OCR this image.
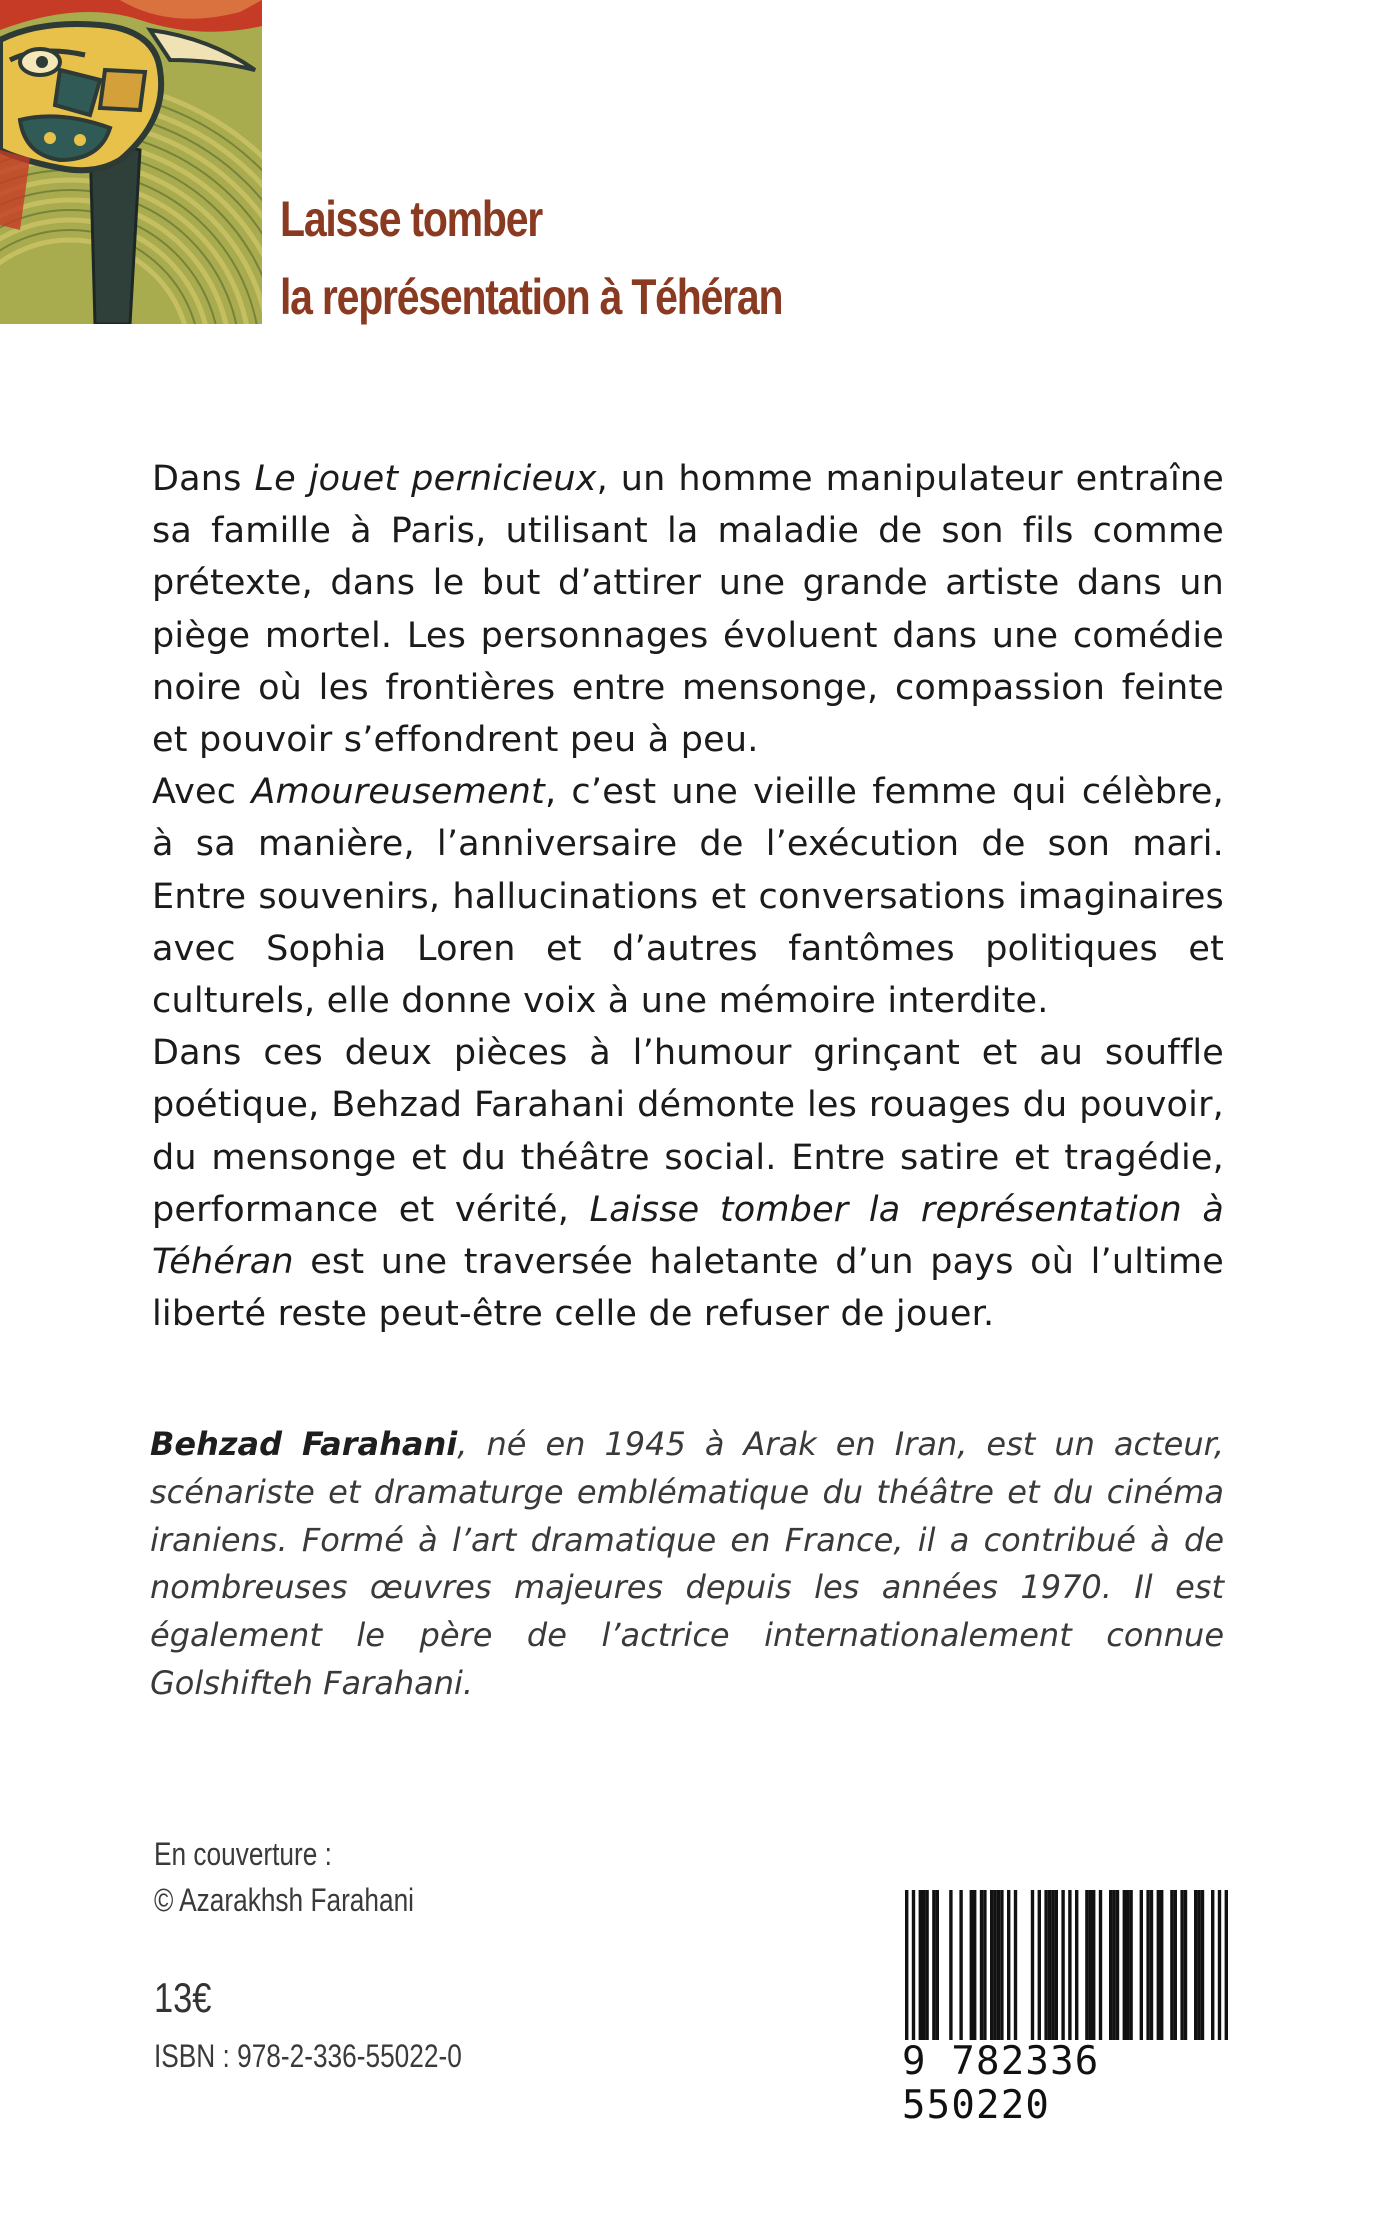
Laisse tomber
la représentation à Téhéran

Dans Le jouet pernicieux, un homme manipulateur entraîne sa famille à Paris, utilisant la maladie de son fils comme prétexte, dans le but d’attirer une grande artiste dans un piège mortel. Les personnages évoluent dans une comédie noire où les frontières entre mensonge, compassion feinte et pouvoir s’effondrent peu à peu.

Avec Amoureusement, c’est une vieille femme qui célèbre, à sa manière, l’anniversaire de l’exécution de son mari. Entre souvenirs, hallucinations et conversations imaginaires avec Sophia Loren et d’autres fantômes politiques et culturels, elle donne voix à une mémoire interdite.

Dans ces deux pièces à l’humour grinçant et au souffle poétique, Behzad Farahani démonte les rouages du pouvoir, du mensonge et du théâtre social. Entre satire et tragédie, performance et vérité, Laisse tomber la représentation à Téhéran est une traversée haletante d’un pays où l’ultime liberté reste peut-être celle de refuser de jouer.

Behzad Farahani, né en 1945 à Arak en Iran, est un acteur, scénariste et dramaturge emblématique du théâtre et du cinéma iraniens. Formé à l’art dramatique en France, il a contribué à de nombreuses œuvres majeures depuis les années 1970. Il est également le père de l’actrice internationalement connue Golshifteh Farahani.

En couverture :

© Azarakhsh Farahani

13€

ISBN : 978-2-336-55022-0	9 782336 550220
